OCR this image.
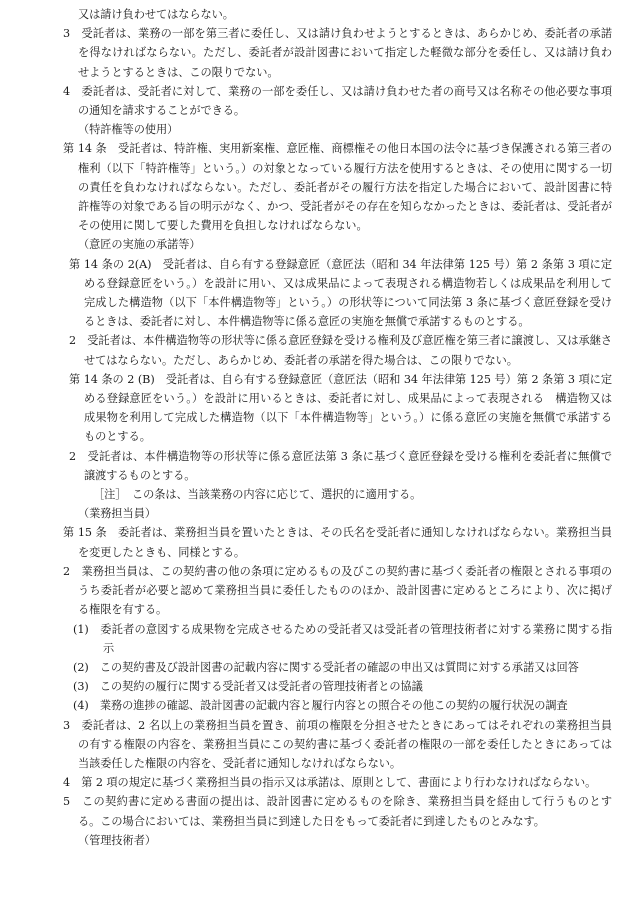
又は請け負わせてはならない。
3　受託者は、業務の一部を第三者に委任し、又は請け負わせようとするときは、あらかじめ、委託者の承諾を得なければならない。ただし、委託者が設計図書において指定した軽微な部分を委任し、又は請け負わせようとするときは、この限りでない。
4　委託者は、受託者に対して、業務の一部を委任し、又は請け負わせた者の商号又は名称その他必要な事項の通知を請求することができる。
（特許権等の使用）
第 14 条　受託者は、特許権、実用新案権、意匠権、商標権その他日本国の法令に基づき保護される第三者の権利（以下「特許権等」という。）の対象となっている履行方法を使用するときは、その使用に関する一切の責任を負わなければならない。ただし、委託者がその履行方法を指定した場合において、設計図書に特許権等の対象である旨の明示がなく、かつ、受託者がその存在を知らなかったときは、委託者は、受託者がその使用に関して要した費用を負担しなければならない。
（意匠の実施の承諾等）
第 14 条の 2(A)　受託者は、自ら有する登録意匠（意匠法（昭和 34 年法律第 125 号）第 2 条第 3 項に定める登録意匠をいう。）を設計に用い、又は成果品によって表現される構造物若しくは成果品を利用して完成した構造物（以下「本件構造物等」という。）の形状等について同法第 3 条に基づく意匠登録を受けるときは、委託者に対し、本件構造物等に係る意匠の実施を無償で承諾するものとする。
2　受託者は、本件構造物等の形状等に係る意匠登録を受ける権利及び意匠権を第三者に譲渡し、又は承継させてはならない。ただし、あらかじめ、委託者の承諾を得た場合は、この限りでない。
第 14 条の 2 (B)　受託者は、自ら有する登録意匠（意匠法（昭和 34 年法律第 125 号）第 2 条第 3 項に定める登録意匠をいう。）を設計に用いるときは、委託者に対し、成果品によって表現される　構造物又は成果物を利用して完成した構造物（以下「本件構造物等」という。）に係る意匠の実施を無償で承諾するものとする。
2　受託者は、本件構造物等の形状等に係る意匠法第 3 条に基づく意匠登録を受ける権利を委託者に無償で譲渡するものとする。
［注］　この条は、当該業務の内容に応じて、選択的に適用する。
（業務担当員）
第 15 条　委託者は、業務担当員を置いたときは、その氏名を受託者に通知しなければならない。業務担当員を変更したときも、同様とする。
2　業務担当員は、この契約書の他の条項に定めるもの及びこの契約書に基づく委託者の権限とされる事項のうち委託者が必要と認めて業務担当員に委任したもののほか、設計図書に定めるところにより、次に掲げる権限を有する。
(1)　委託者の意図する成果物を完成させるための受託者又は受託者の管理技術者に対する業務に関する指示
(2)　この契約書及び設計図書の記載内容に関する受託者の確認の申出又は質問に対する承諾又は回答
(3)　この契約の履行に関する受託者又は受託者の管理技術者との協議
(4)　業務の進捗の確認、設計図書の記載内容と履行内容との照合その他この契約の履行状況の調査
3　委託者は、2 名以上の業務担当員を置き、前項の権限を分担させたときにあってはそれぞれの業務担当員の有する権限の内容を、業務担当員にこの契約書に基づく委託者の権限の一部を委任したときにあっては当該委任した権限の内容を、受託者に通知しなければならない。
4　第 2 項の規定に基づく業務担当員の指示又は承諾は、原則として、書面により行わなければならない。
5　この契約書に定める書面の提出は、設計図書に定めるものを除き、業務担当員を経由して行うものとする。この場合においては、業務担当員に到達した日をもって委託者に到達したものとみなす。
（管理技術者）
